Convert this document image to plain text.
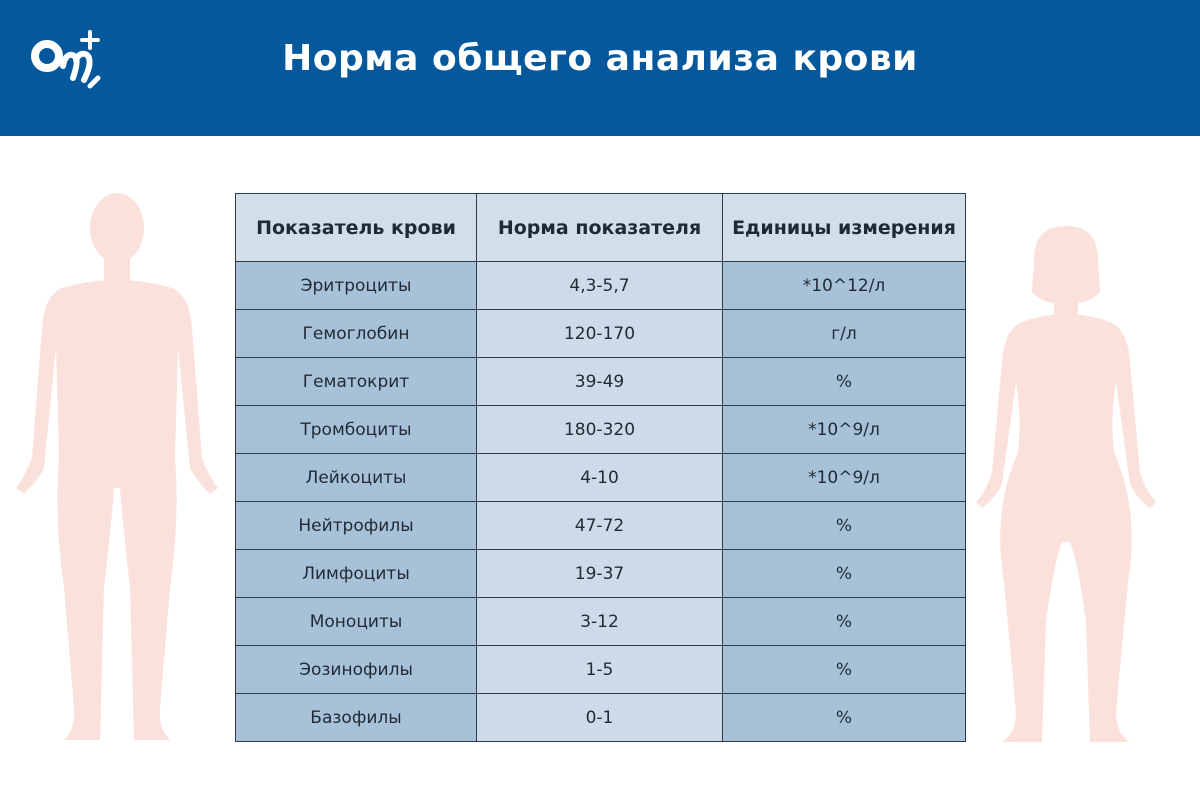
Норма общего анализа крови
Показатель крови	Норма показателя	Единицы измерения
Эритроциты	4,3-5,7	*10^12/л
Гемоглобин	120-170	г/л
Гематокрит	39-49	%
Тромбоциты	180-320	*10^9/л
Лейкоциты	4-10	*10^9/л
Нейтрофилы	47-72	%
Лимфоциты	19-37	%
Моноциты	3-12	%
Эозинофилы	1-5	%
Базофилы	0-1	%
